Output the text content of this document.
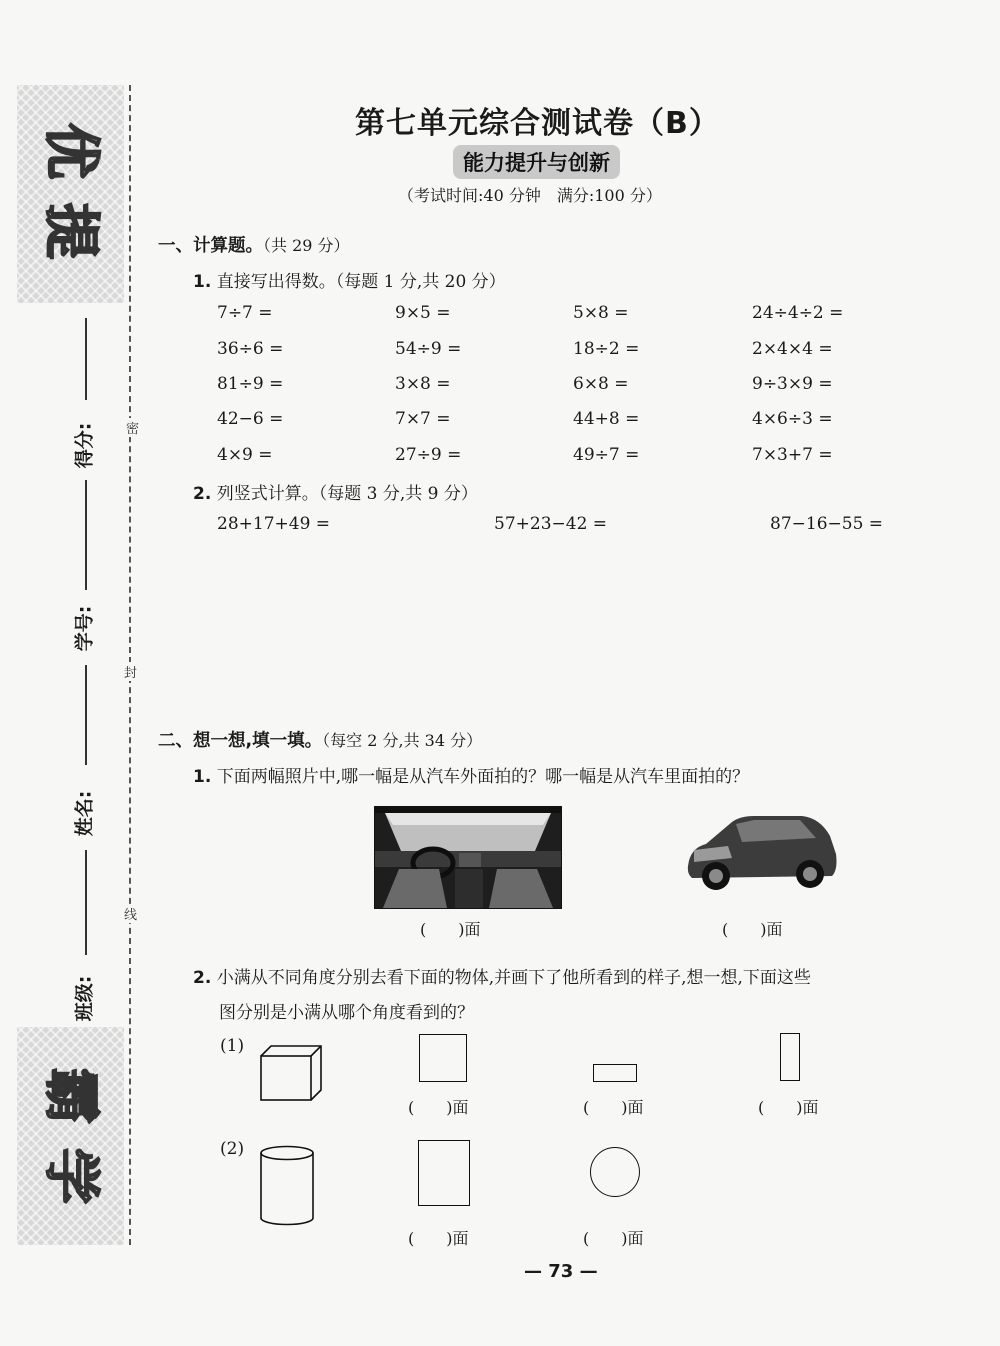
优
提
霸
学
得分:
学号:
姓名:
班级:
密
封
线
第七单元综合测试卷（B）
能力提升与创新
（考试时间:40 分钟　满分:100 分）
一、计算题。（共 29 分）
1. 直接写出得数。（每题 1 分,共 20 分）
7÷7 =	9×5 =	5×8 =	24÷4÷2 =
36÷6 =	54÷9 =	18÷2 =	2×4×4 =
81÷9 =	3×8 =	6×8 =	9÷3×9 =
42−6 =	7×7 =	44+8 =	4×6÷3 =
4×9 =	27÷9 =	49÷7 =	7×3+7 =
2. 列竖式计算。（每题 3 分,共 9 分）
28+17+49 =	57+23−42 =	87−16−55 =
二、想一想,填一填。（每空 2 分,共 34 分）
1. 下面两幅照片中,哪一幅是从汽车外面拍的？哪一幅是从汽车里面拍的？
(　　)面	(　　)面
2. 小满从不同角度分别去看下面的物体,并画下了他所看到的样子,想一想,下面这些
图分别是小满从哪个角度看到的？
(1)
(　　)面	(　　)面	(　　)面
(2)
(　　)面	(　　)面
— 73 —
